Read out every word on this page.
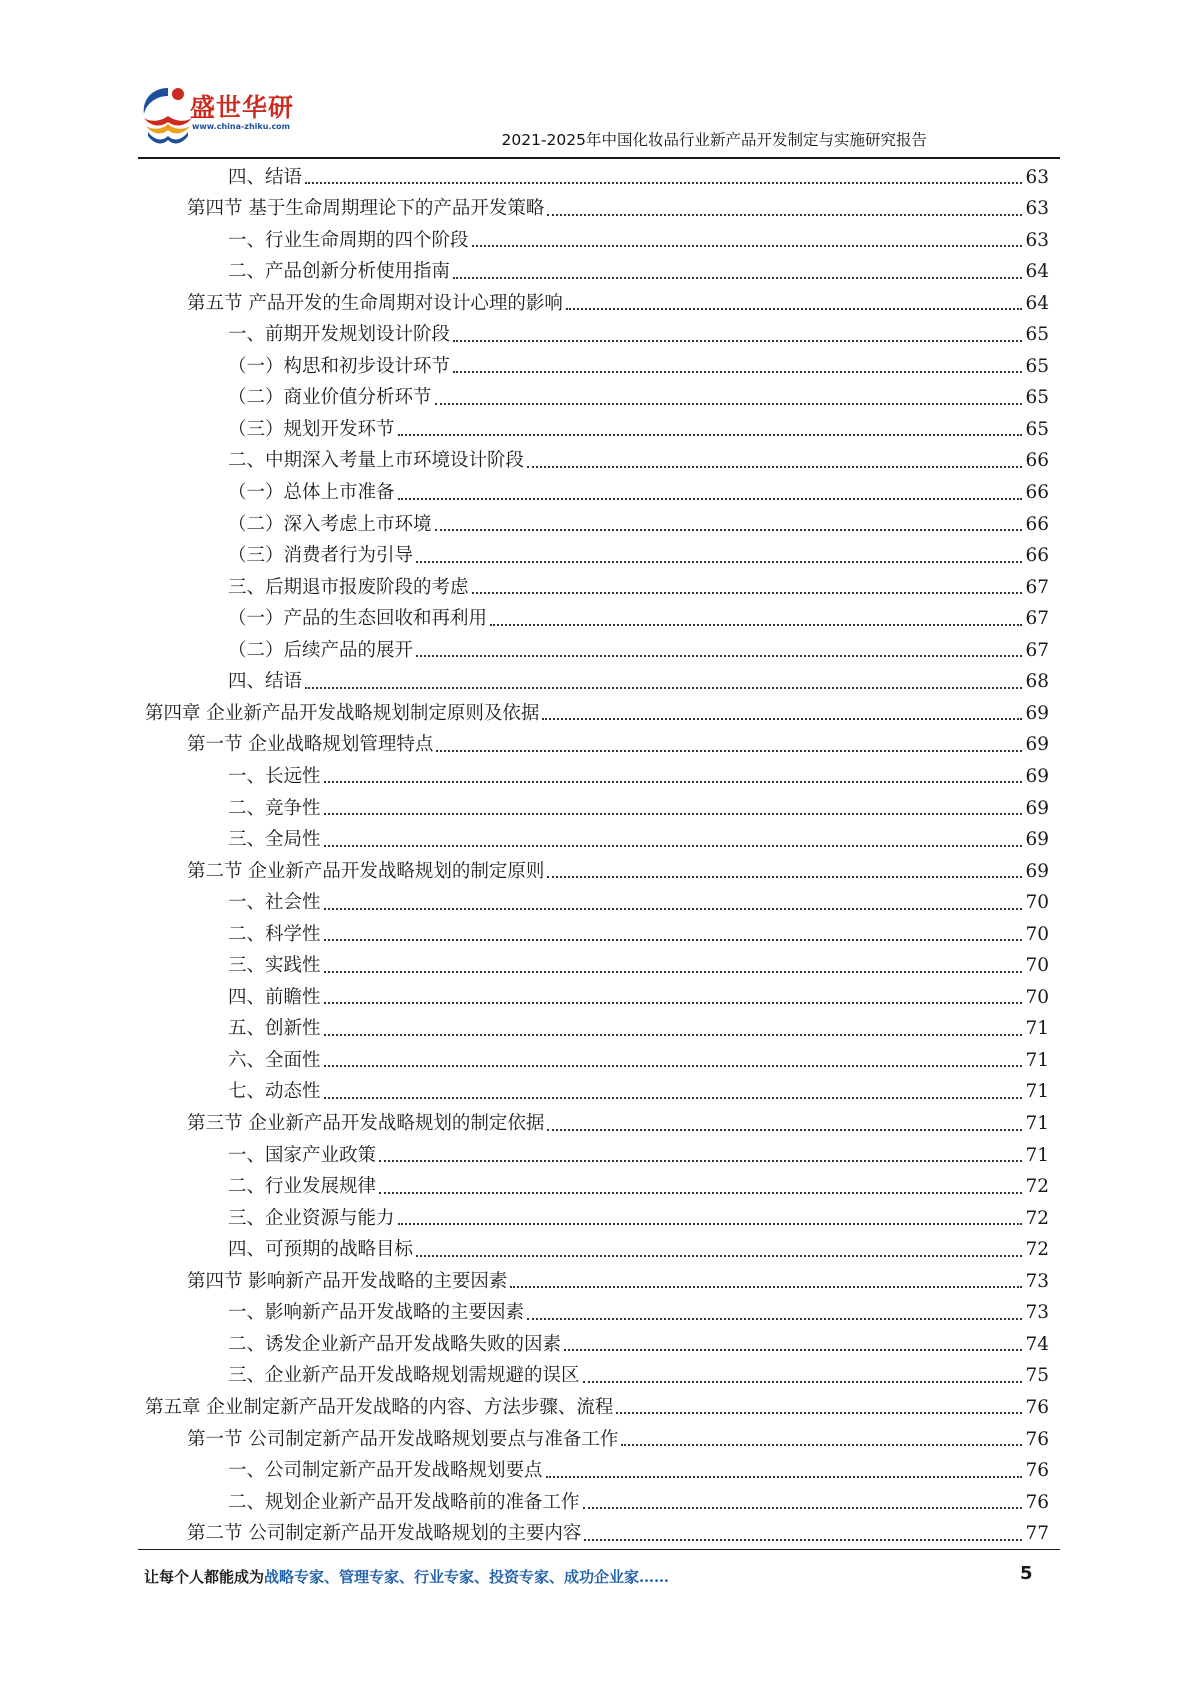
盛世华研
www.china-zhiku.com
2021-2025年中国化妆品行业新产品开发制定与实施研究报告
四、结语	63
第四节 基于生命周期理论下的产品开发策略	63
一、行业生命周期的四个阶段	63
二、产品创新分析使用指南	64
第五节 产品开发的生命周期对设计心理的影响	64
一、前期开发规划设计阶段	65
（一）构思和初步设计环节	65
（二）商业价值分析环节	65
（三）规划开发环节	65
二、中期深入考量上市环境设计阶段	66
（一）总体上市准备	66
（二）深入考虑上市环境	66
（三）消费者行为引导	66
三、后期退市报废阶段的考虑	67
（一）产品的生态回收和再利用	67
（二）后续产品的展开	67
四、结语	68
第四章 企业新产品开发战略规划制定原则及依据	69
第一节 企业战略规划管理特点	69
一、长远性	69
二、竞争性	69
三、全局性	69
第二节 企业新产品开发战略规划的制定原则	69
一、社会性	70
二、科学性	70
三、实践性	70
四、前瞻性	70
五、创新性	71
六、全面性	71
七、动态性	71
第三节 企业新产品开发战略规划的制定依据	71
一、国家产业政策	71
二、行业发展规律	72
三、企业资源与能力	72
四、可预期的战略目标	72
第四节 影响新产品开发战略的主要因素	73
一、影响新产品开发战略的主要因素	73
二、诱发企业新产品开发战略失败的因素	74
三、企业新产品开发战略规划需规避的误区	75
第五章 企业制定新产品开发战略的内容、方法步骤、流程	76
第一节 公司制定新产品开发战略规划要点与准备工作	76
一、公司制定新产品开发战略规划要点	76
二、规划企业新产品开发战略前的准备工作	76
第二节 公司制定新产品开发战略规划的主要内容	77
让每个人都能成为战略专家、管理专家、行业专家、投资专家、成功企业家……	5
